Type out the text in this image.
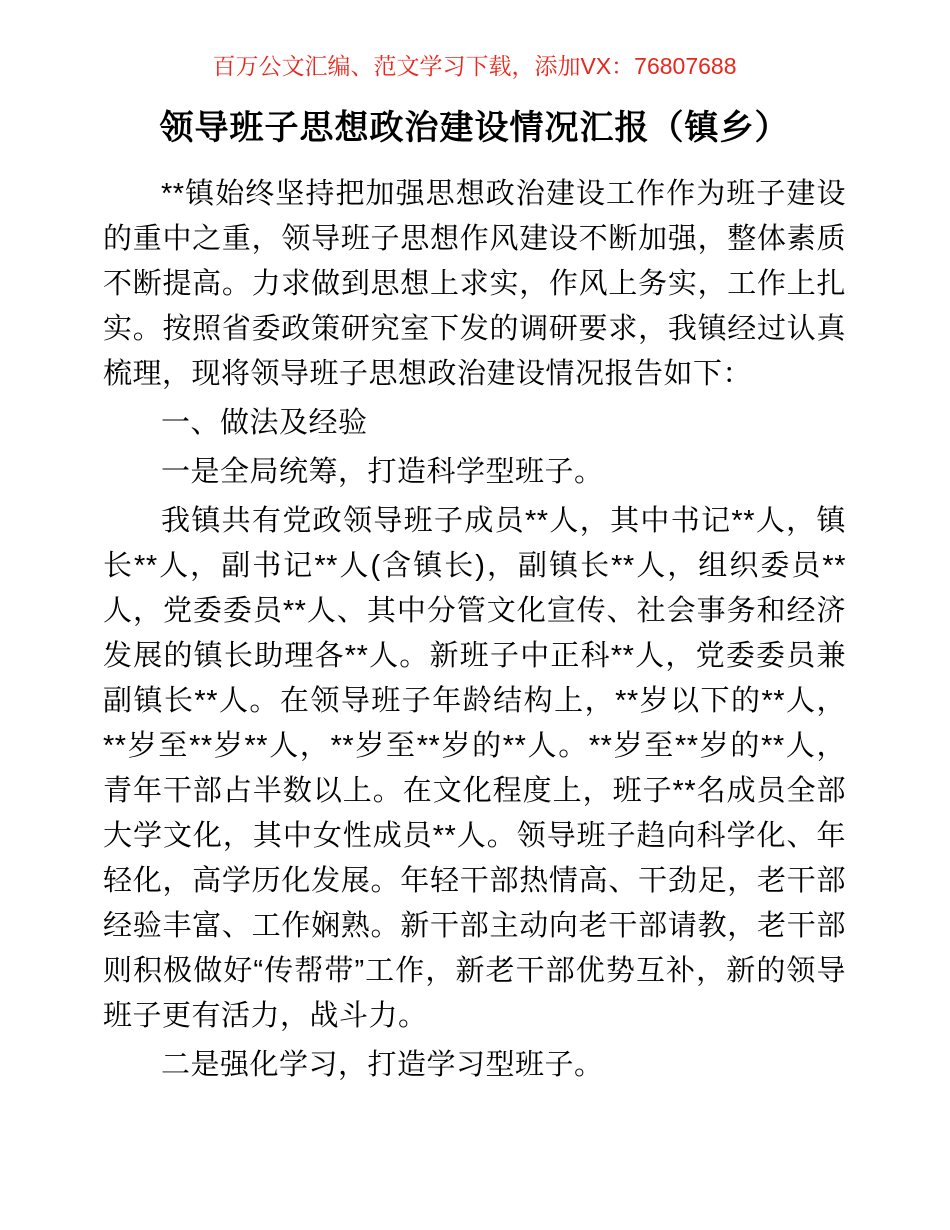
百万公文汇编、范文学习下载，添加VX：76807688
领导班子思想政治建设情况汇报（镇乡）

**镇始终坚持把加强思想政治建设工作作为班子建设的重中之重，领导班子思想作风建设不断加强，整体素质不断提高。力求做到思想上求实，作风上务实，工作上扎实。按照省委政策研究室下发的调研要求，我镇经过认真梳理，现将领导班子思想政治建设情况报告如下：

一、做法及经验

一是全局统筹，打造科学型班子。

我镇共有党政领导班子成员**人，其中书记**人，镇长**人，副书记**人(含镇长)，副镇长**人，组织委员**人，党委委员**人、其中分管文化宣传、社会事务和经济发展的镇长助理各**人。新班子中正科**人，党委委员兼副镇长**人。在领导班子年龄结构上，**岁以下的**人，**岁至**岁**人，**岁至**岁的**人。**岁至**岁的**人，青年干部占半数以上。在文化程度上，班子**名成员全部大学文化，其中女性成员**人。领导班子趋向科学化、年轻化，高学历化发展。年轻干部热情高、干劲足，老干部经验丰富、工作娴熟。新干部主动向老干部请教，老干部则积极做好“传帮带”工作，新老干部优势互补，新的领导班子更有活力，战斗力。

二是强化学习，打造学习型班子。
